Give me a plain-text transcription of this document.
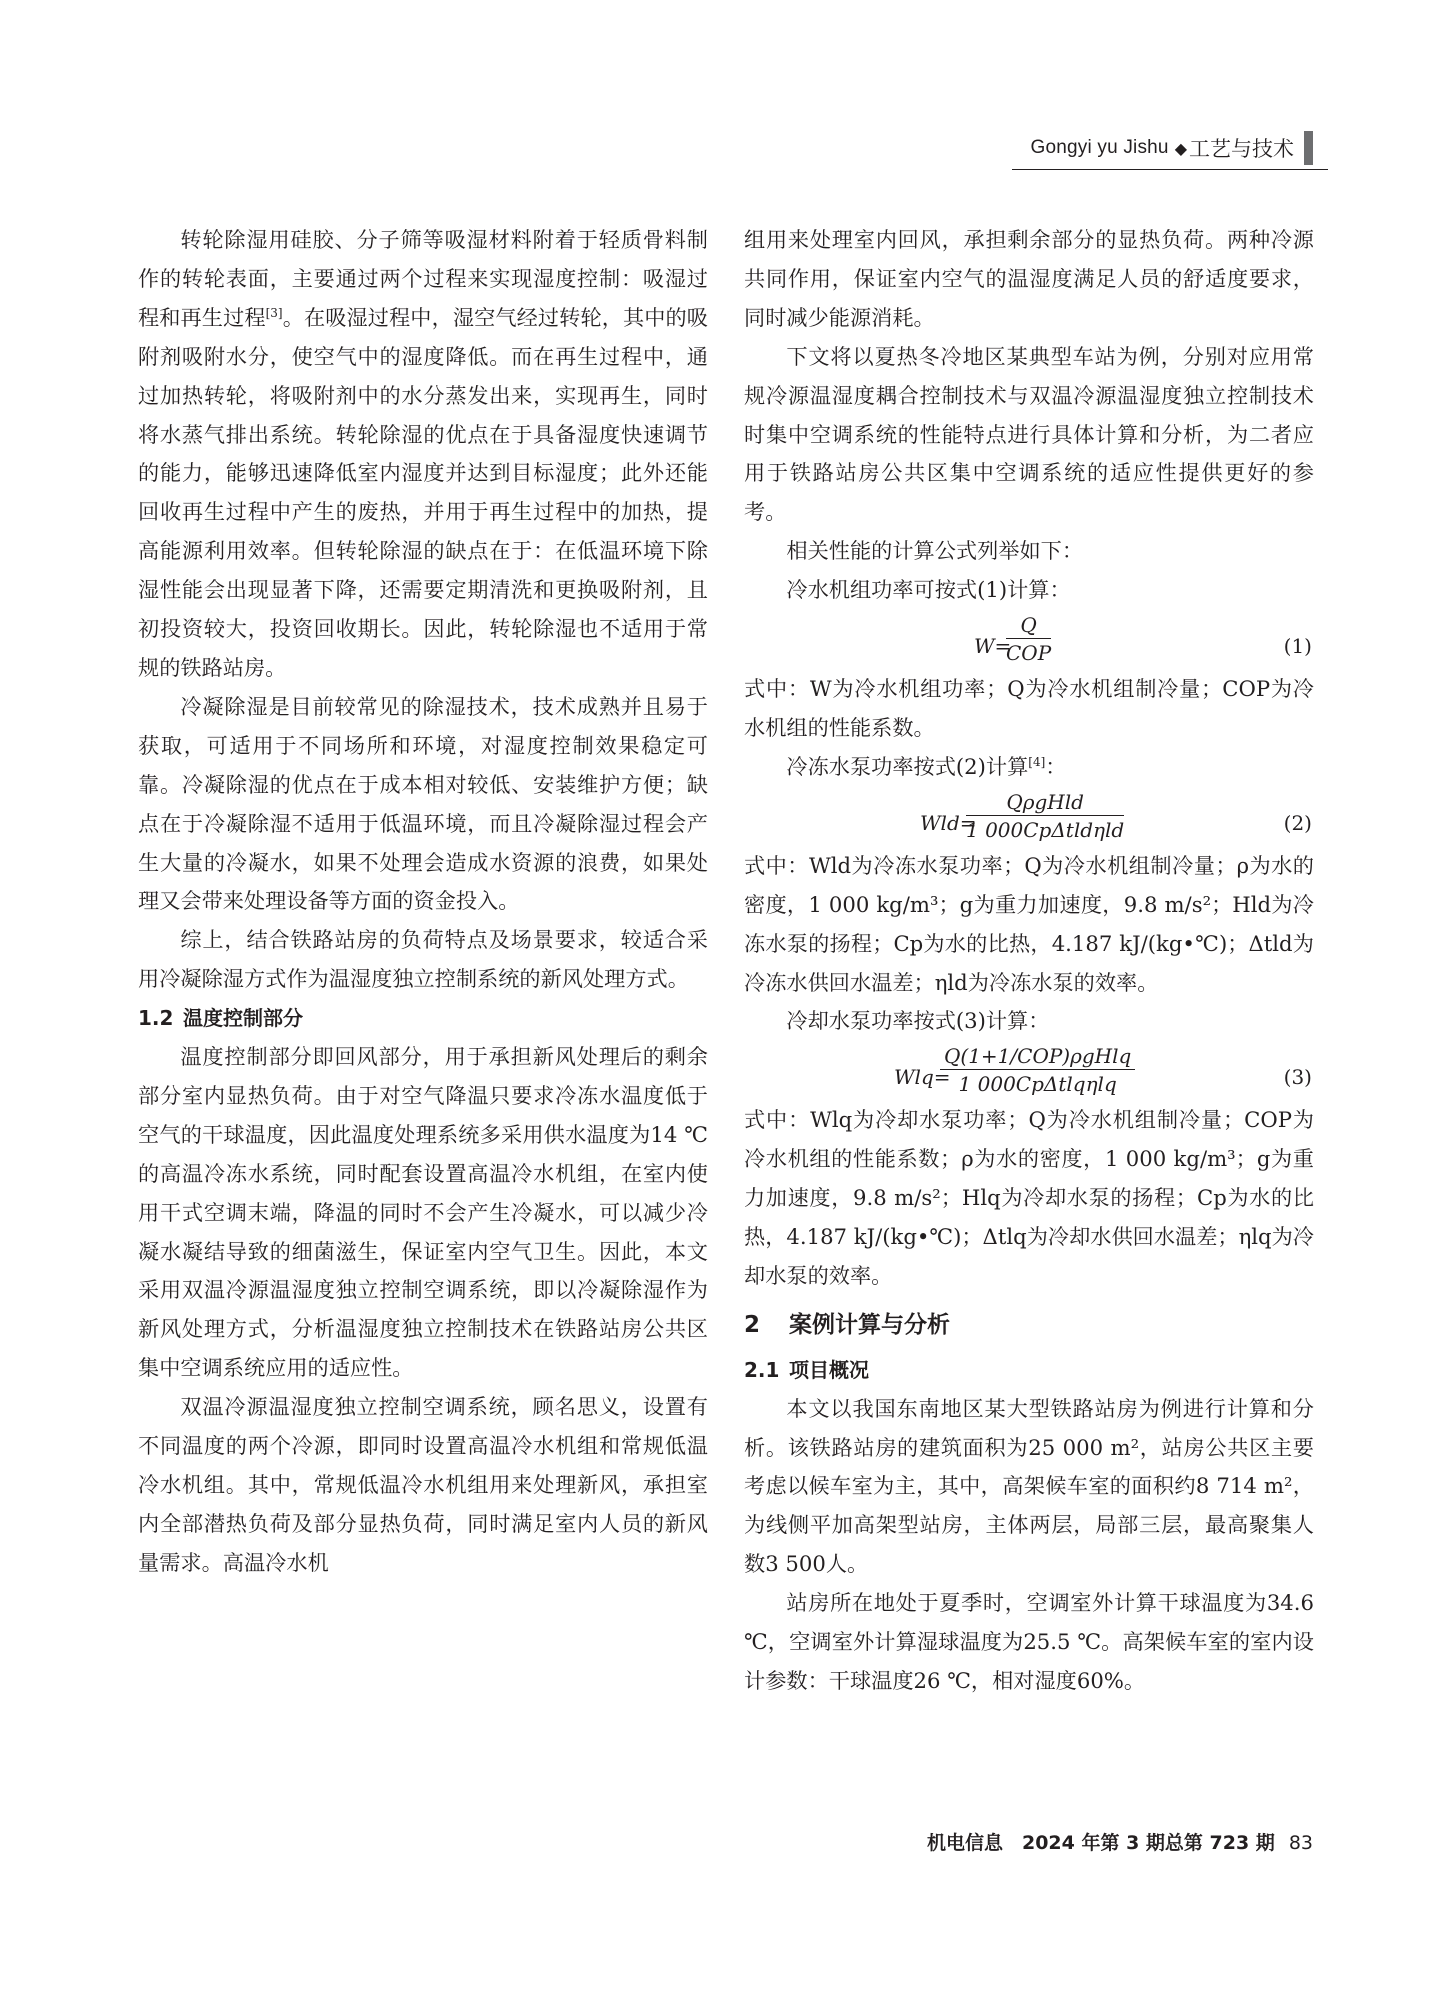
Gongyi yu Jishu ◆ 工艺与技术

转轮除湿用硅胶、分子筛等吸湿材料附着于轻质骨料制作的转轮表面，主要通过两个过程来实现湿度控制：吸湿过程和再生过程[3]。在吸湿过程中，湿空气经过转轮，其中的吸附剂吸附水分，使空气中的湿度降低。而在再生过程中，通过加热转轮，将吸附剂中的水分蒸发出来，实现再生，同时将水蒸气排出系统。转轮除湿的优点在于具备湿度快速调节的能力，能够迅速降低室内湿度并达到目标湿度；此外还能回收再生过程中产生的废热，并用于再生过程中的加热，提高能源利用效率。但转轮除湿的缺点在于：在低温环境下除湿性能会出现显著下降，还需要定期清洗和更换吸附剂，且初投资较大，投资回收期长。因此，转轮除湿也不适用于常规的铁路站房。

冷凝除湿是目前较常见的除湿技术，技术成熟并且易于获取，可适用于不同场所和环境，对湿度控制效果稳定可靠。冷凝除湿的优点在于成本相对较低、安装维护方便；缺点在于冷凝除湿不适用于低温环境，而且冷凝除湿过程会产生大量的冷凝水，如果不处理会造成水资源的浪费，如果处理又会带来处理设备等方面的资金投入。

综上，结合铁路站房的负荷特点及场景要求，较适合采用冷凝除湿方式作为温湿度独立控制系统的新风处理方式。

1.2 温度控制部分

温度控制部分即回风部分，用于承担新风处理后的剩余部分室内显热负荷。由于对空气降温只要求冷冻水温度低于空气的干球温度，因此温度处理系统多采用供水温度为14 ℃的高温冷冻水系统，同时配套设置高温冷水机组，在室内使用干式空调末端，降温的同时不会产生冷凝水，可以减少冷凝水凝结导致的细菌滋生，保证室内空气卫生。因此，本文采用双温冷源温湿度独立控制空调系统，即以冷凝除湿作为新风处理方式，分析温湿度独立控制技术在铁路站房公共区集中空调系统应用的适应性。

双温冷源温湿度独立控制空调系统，顾名思义，设置有不同温度的两个冷源，即同时设置高温冷水机组和常规低温冷水机组。其中，常规低温冷水机组用来处理新风，承担室内全部潜热负荷及部分显热负荷，同时满足室内人员的新风量需求。高温冷水机

组用来处理室内回风，承担剩余部分的显热负荷。两种冷源共同作用，保证室内空气的温湿度满足人员的舒适度要求，同时减少能源消耗。

下文将以夏热冬冷地区某典型车站为例，分别对应用常规冷源温湿度耦合控制技术与双温冷源温湿度独立控制技术时集中空调系统的性能特点进行具体计算和分析，为二者应用于铁路站房公共区集中空调系统的适应性提供更好的参考。

相关性能的计算公式列举如下：

冷水机组功率可按式(1)计算：

W=
Q
COP	(1)

式中：W为冷水机组功率；Q为冷水机组制冷量；COP为冷水机组的性能系数。

冷冻水泵功率按式(2)计算[4]：

Wld=
QρgHld
1 000CpΔtldηld	(2)

式中：Wld为冷冻水泵功率；Q为冷水机组制冷量；ρ为水的密度，1 000 kg/m³；g为重力加速度，9.8 m/s²；Hld为冷冻水泵的扬程；Cp为水的比热，4.187 kJ/(kg•℃)；Δtld为冷冻水供回水温差；ηld为冷冻水泵的效率。

冷却水泵功率按式(3)计算：

Wlq=
Q(1+1/COP)ρgHlq
1 000CpΔtlqηlq	(3)

式中：Wlq为冷却水泵功率；Q为冷水机组制冷量；COP为冷水机组的性能系数；ρ为水的密度，1 000 kg/m³；g为重力加速度，9.8 m/s²；Hlq为冷却水泵的扬程；Cp为水的比热，4.187 kJ/(kg•℃)；Δtlq为冷却水供回水温差；ηlq为冷却水泵的效率。

2 案例计算与分析
2.1 项目概况

本文以我国东南地区某大型铁路站房为例进行计算和分析。该铁路站房的建筑面积为25 000 m²，站房公共区主要考虑以候车室为主，其中，高架候车室的面积约8 714 m²，为线侧平加高架型站房，主体两层，局部三层，最高聚集人数3 500人。

站房所在地处于夏季时，空调室外计算干球温度为34.6 ℃，空调室外计算湿球温度为25.5 ℃。高架候车室的室内设计参数：干球温度26 ℃，相对湿度60%。

机电信息　2024 年第 3 期总第 723 期 83
